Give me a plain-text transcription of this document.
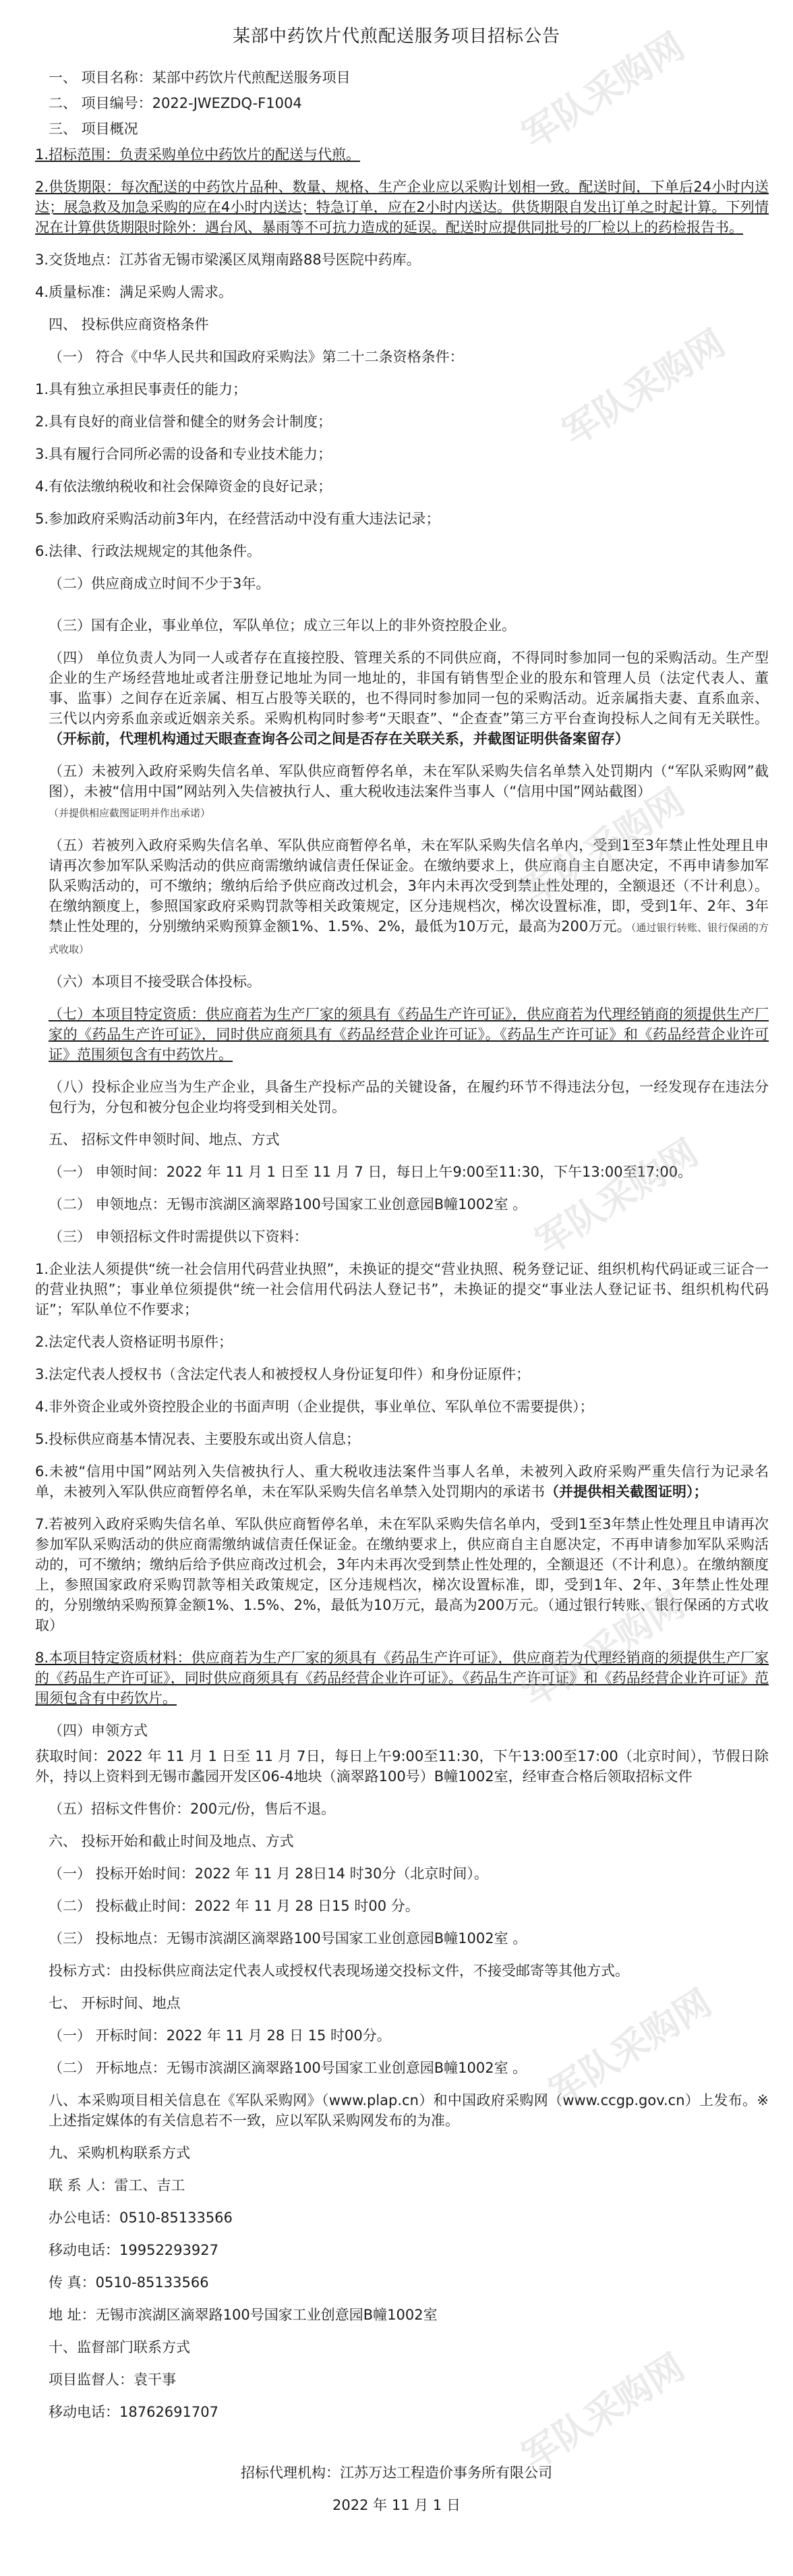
军队采购网
军队采购网
军队采购网
军队采购网
军队采购网
军队采购网
军队采购网
某部中药饮片代煎配送服务项目招标公告

一、 项目名称：某部中药饮片代煎配送服务项目

二、 项目编号：2022-JWEZDQ-F1004

三、 项目概况

1.招标范围：负责采购单位中药饮片的配送与代煎。

2.供货期限：每次配送的中药饮片品种、数量、规格、生产企业应以采购计划相一致。配送时间，下单后24小时内送达；展急救及加急采购的应在4小时内送达；特急订单，应在2小时内送达。供货期限自发出订单之时起计算。下列情况在计算供货期限时除外：遇台风、暴雨等不可抗力造成的延误。配送时应提供同批号的厂检以上的药检报告书。

3.交货地点：江苏省无锡市梁溪区凤翔南路88号医院中药库。

4.质量标准：满足采购人需求。

四、 投标供应商资格条件

（一） 符合《中华人民共和国政府采购法》第二十二条资格条件：

1.具有独立承担民事责任的能力；

2.具有良好的商业信誉和健全的财务会计制度；

3.具有履行合同所必需的设备和专业技术能力；

4.有依法缴纳税收和社会保障资金的良好记录；

5.参加政府采购活动前3年内，在经营活动中没有重大违法记录；

6.法律、行政法规规定的其他条件。

（二）供应商成立时间不少于3年。

（三）国有企业，事业单位，军队单位；成立三年以上的非外资控股企业。

（四） 单位负责人为同一人或者存在直接控股、管理关系的不同供应商，不得同时参加同一包的采购活动。生产型企业的生产场经营地址或者注册登记地址为同一地址的，非国有销售型企业的股东和管理人员（法定代表人、董事、监事）之间存在近亲属、相互占股等关联的，也不得同时参加同一包的采购活动。近亲属指夫妻、直系血亲、三代以内旁系血亲或近姻亲关系。采购机构同时参考“天眼查”、“企查查”第三方平台查询投标人之间有无关联性。（开标前，代理机构通过天眼查查询各公司之间是否存在关联关系，并截图证明供备案留存）

（五）未被列入政府采购失信名单、军队供应商暂停名单，未在军队采购失信名单禁入处罚期内（“军队采购网”截图），未被“信用中国”网站列入失信被执行人、重大税收违法案件当事人（“信用中国”网站截图）
（并提供相应截图证明并作出承诺）

（五）若被列入政府采购失信名单、军队供应商暂停名单，未在军队采购失信名单内，受到1至3年禁止性处理且申请再次参加军队采购活动的供应商需缴纳诚信责任保证金。在缴纳要求上，供应商自主自愿决定，不再申请参加军队采购活动的，可不缴纳；缴纳后给予供应商改过机会，3年内未再次受到禁止性处理的，全额退还（不计利息）。在缴纳额度上，参照国家政府采购罚款等相关政策规定，区分违规档次，梯次设置标准，即，受到1年、2年、3年禁止性处理的，分别缴纳采购预算金额1%、1.5%、2%，最低为10万元，最高为200万元。（通过银行转账、银行保函的方式收取）

（六）本项目不接受联合体投标。

（七）本项目特定资质：供应商若为生产厂家的须具有《药品生产许可证》，供应商若为代理经销商的须提供生产厂家的《药品生产许可证》，同时供应商须具有《药品经营企业许可证》。《药品生产许可证》和《药品经营企业许可证》范围须包含有中药饮片。

（八）投标企业应当为生产企业，具备生产投标产品的关键设备，在履约环节不得违法分包，一经发现存在违法分包行为，分包和被分包企业均将受到相关处罚。

五、 招标文件申领时间、地点、方式

（一） 申领时间：2022 年 11 月 1 日至 11 月 7 日，每日上午9:00至11:30，下午13:00至17:00。

（二） 申领地点：无锡市滨湖区滴翠路100号国家工业创意园B幢1002室 。

（三） 申领招标文件时需提供以下资料：

1.企业法人须提供“统一社会信用代码营业执照”，未换证的提交“营业执照、税务登记证、组织机构代码证或三证合一的营业执照”；事业单位须提供“统一社会信用代码法人登记书”，未换证的提交“事业法人登记证书、组织机构代码证”；军队单位不作要求；

2.法定代表人资格证明书原件；

3.法定代表人授权书（含法定代表人和被授权人身份证复印件）和身份证原件；

4.非外资企业或外资控股企业的书面声明（企业提供，事业单位、军队单位不需要提供）；

5.投标供应商基本情况表、主要股东或出资人信息；

6.未被“信用中国”网站列入失信被执行人、重大税收违法案件当事人名单，未被列入政府采购严重失信行为记录名单，未被列入军队供应商暂停名单，未在军队采购失信名单禁入处罚期内的承诺书（并提供相关截图证明）；

7.若被列入政府采购失信名单、军队供应商暂停名单，未在军队采购失信名单内，受到1至3年禁止性处理且申请再次参加军队采购活动的供应商需缴纳诚信责任保证金。在缴纳要求上，供应商自主自愿决定，不再申请参加军队采购活动的，可不缴纳；缴纳后给予供应商改过机会，3年内未再次受到禁止性处理的，全额退还（不计利息）。在缴纳额度上，参照国家政府采购罚款等相关政策规定，区分违规档次，梯次设置标准，即，受到1年、2年、3年禁止性处理的，分别缴纳采购预算金额1%、1.5%、2%，最低为10万元，最高为200万元。（通过银行转账、银行保函的方式收取）

8.本项目特定资质材料：供应商若为生产厂家的须具有《药品生产许可证》，供应商若为代理经销商的须提供生产厂家的《药品生产许可证》，同时供应商须具有《药品经营企业许可证》。《药品生产许可证》和《药品经营企业许可证》范围须包含有中药饮片。

（四）申领方式

获取时间：2022 年 11 月 1 日至 11 月 7日，每日上午9:00至11:30，下午13:00至17:00（北京时间），节假日除外，持以上资料到无锡市蠡园开发区06-4地块（滴翠路100号）B幢1002室，经审查合格后领取招标文件

（五）招标文件售价：200元/份，售后不退。

六、 投标开始和截止时间及地点、方式

（一） 投标开始时间：2022 年 11 月 28日14 时30分（北京时间）。

（二） 投标截止时间：2022 年 11 月 28 日15 时00 分。

（三） 投标地点：无锡市滨湖区滴翠路100号国家工业创意园B幢1002室 。

投标方式：由投标供应商法定代表人或授权代表现场递交投标文件，不接受邮寄等其他方式。

七、 开标时间、地点

（一） 开标时间：2022 年 11 月 28 日 15 时00分。

（二） 开标地点：无锡市滨湖区滴翠路100号国家工业创意园B幢1002室 。

八、本采购项目相关信息在《军队采购网》（www.plap.cn）和中国政府采购网（www.ccgp.gov.cn）上发布。※上述指定媒体的有关信息若不一致，应以军队采购网发布的为准。

九、采购机构联系方式

联 系 人：雷工、吉工

办公电话：0510-85133566

移动电话：19952293927

传 真：0510-85133566

地 址：无锡市滨湖区滴翠路100号国家工业创意园B幢1002室

十、监督部门联系方式

项目监督人：袁干事

移动电话：18762691707

招标代理机构：江苏万达工程造价事务所有限公司

2022 年 11 月 1 日
